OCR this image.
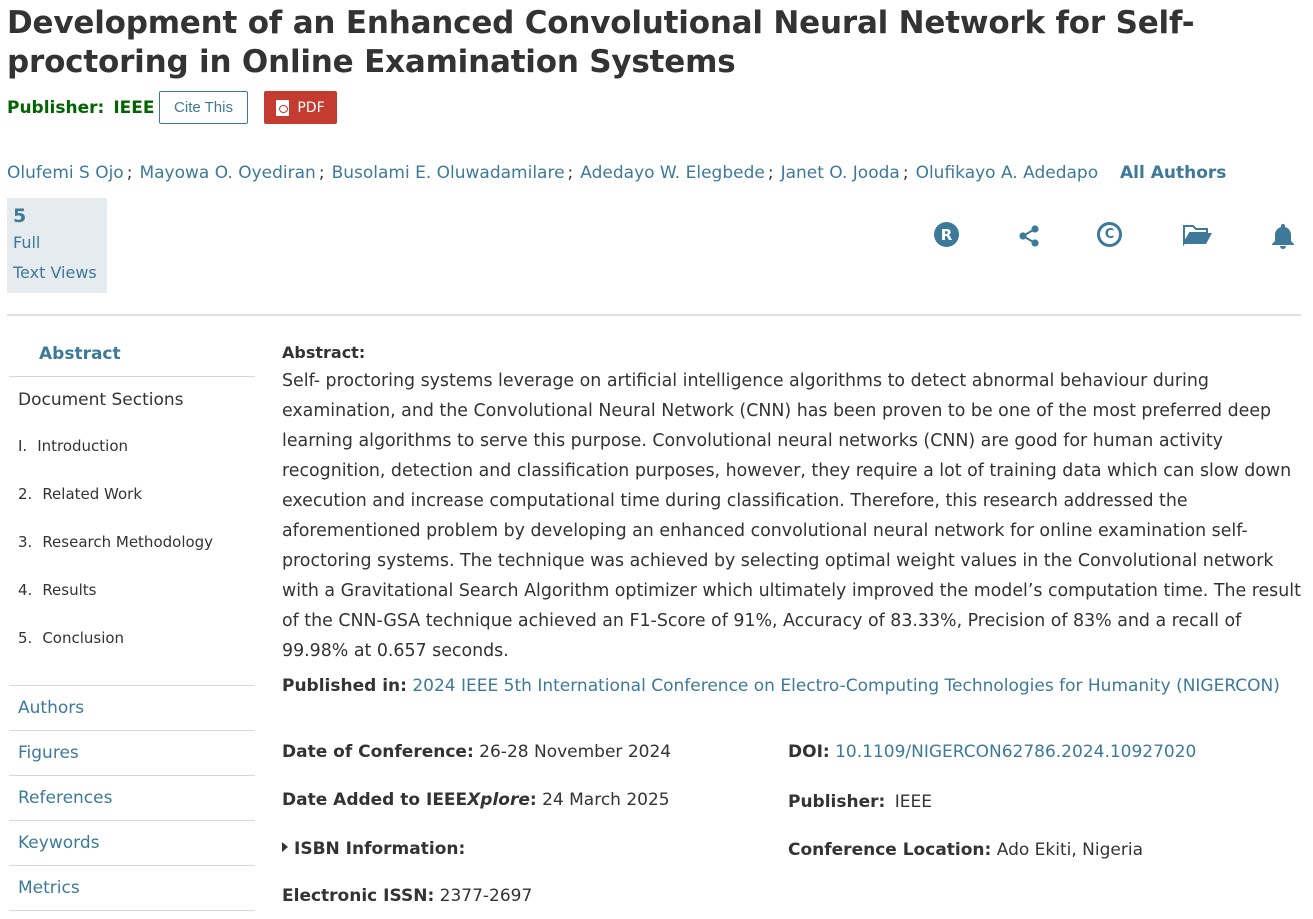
Development of an Enhanced Convolutional Neural Network for Self-proctoring in Online Examination Systems
Publisher: IEEE	Cite This	PDF
Olufemi S Ojo ; Mayowa O. Oyediran ; Busolami E. Oluwadamilare ; Adedayo W. Elegbede ; Janet O. Jooda ; Olufikayo A. Adedapo All Authors
5
Full
Text Views
R	C
Abstract
Document Sections
I. Introduction
2. Related Work
3. Research Methodology
4. Results
5. Conclusion
Authors
Figures
References
Keywords
Metrics
Abstract:
Self- proctoring systems leverage on artificial intelligence algorithms to detect abnormal behaviour during examination, and the Convolutional Neural Network (CNN) has been proven to be one of the most preferred deep learning algorithms to serve this purpose. Convolutional neural networks (CNN) are good for human activity recognition, detection and classification purposes, however, they require a lot of training data which can slow down execution and increase computational time during classification. Therefore, this research addressed the aforementioned problem by developing an enhanced convolutional neural network for online examination self-proctoring systems. The technique was achieved by selecting optimal weight values in the Convolutional network with a Gravitational Search Algorithm optimizer which ultimately improved the model’s computation time. The result of the CNN-GSA technique achieved an F1-Score of 91%, Accuracy of 83.33%, Precision of 83% and a recall of 99.98% at 0.657 seconds.
Published in: 2024 IEEE 5th International Conference on Electro-Computing Technologies for Humanity (NIGERCON)
Date of Conference: 26-28 November 2024
Date Added to IEEEXplore: 24 March 2025
ISBN Information:
Electronic ISSN: 2377-2697
DOI: 10.1109/NIGERCON62786.2024.10927020
Publisher: IEEE
Conference Location: Ado Ekiti, Nigeria
